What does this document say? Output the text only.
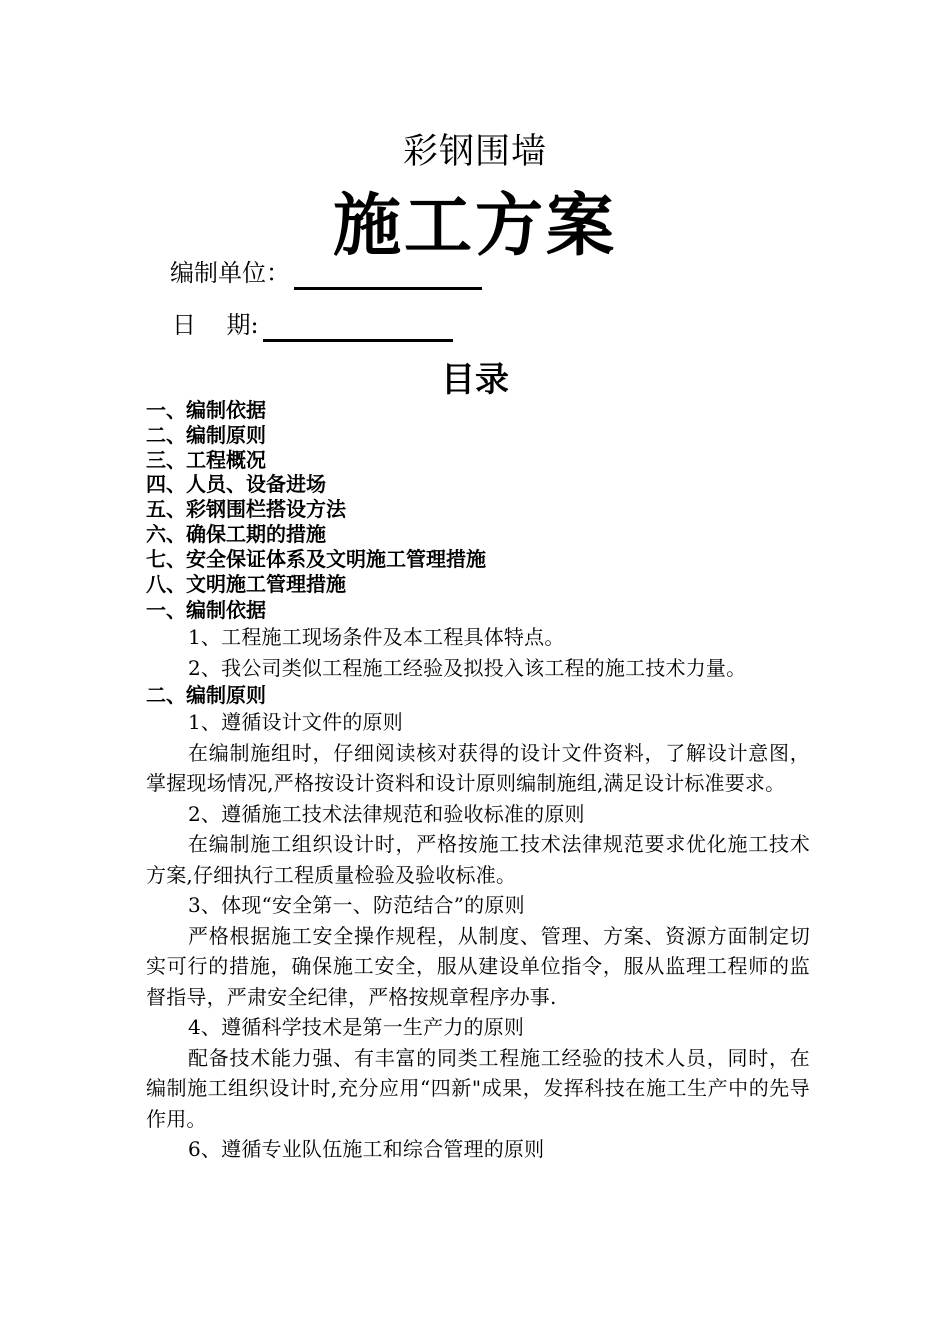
彩钢围墙
施工方案
编制单位：
日    期:
目录
一、编制依据
二、编制原则
三、工程概况
四、人员、设备进场
五、彩钢围栏搭设方法
六、确保工期的措施
七、安全保证体系及文明施工管理措施
八、文明施工管理措施

一、编制依据

1、工程施工现场条件及本工程具体特点。

2、我公司类似工程施工经验及拟投入该工程的施工技术力量。

二、编制原则

1、遵循设计文件的原则

在编制施组时，仔细阅读核对获得的设计文件资料，了解设计意图，掌握现场情况,严格按设计资料和设计原则编制施组,满足设计标准要求。

2、遵循施工技术法律规范和验收标准的原则

在编制施工组织设计时，严格按施工技术法律规范要求优化施工技术方案,仔细执行工程质量检验及验收标准。

3、体现“安全第一、防范结合”的原则

严格根据施工安全操作规程，从制度、管理、方案、资源方面制定切实可行的措施，确保施工安全，服从建设单位指令，服从监理工程师的监督指导，严肃安全纪律，严格按规章程序办事.

4、遵循科学技术是第一生产力的原则

配备技术能力强、有丰富的同类工程施工经验的技术人员，同时，在编制施工组织设计时,充分应用“四新"成果，发挥科技在施工生产中的先导作用。

6、遵循专业队伍施工和综合管理的原则
